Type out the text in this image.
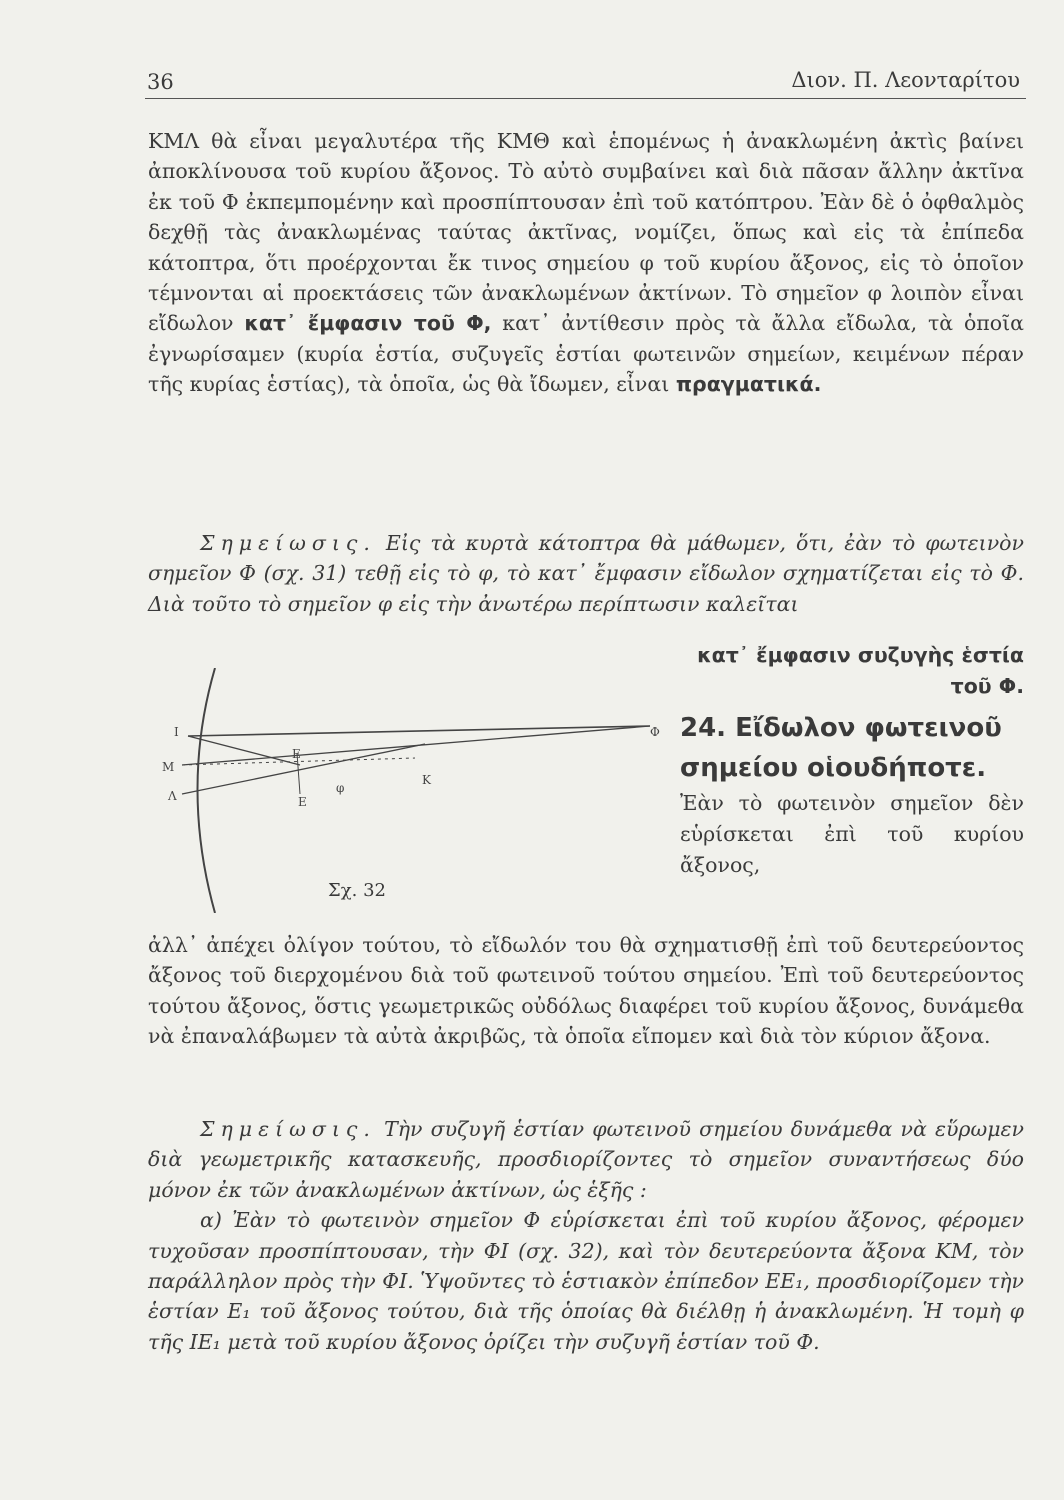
36	Διον. Π. Λεονταρίτου

ΚΜΛ θὰ εἶναι μεγαλυτέρα τῆς ΚΜΘ καὶ ἑπομένως ἡ ἀνακλωμένη ἀκτὶς βαίνει ἀποκλίνουσα τοῦ κυρίου ἄξονος. Τὸ αὐτὸ συμβαίνει καὶ διὰ πᾶσαν ἄλλην ἀκτῖνα ἐκ τοῦ Φ ἐκπεμπομένην καὶ προσπίπτουσαν ἐπὶ τοῦ κατόπτρου. Ἐὰν δὲ ὁ ὀφθαλμὸς δεχθῇ τὰς ἀνακλωμένας ταύτας ἀκτῖνας, νομίζει, ὅπως καὶ εἰς τὰ ἐπίπεδα κάτοπτρα, ὅτι προέρχονται ἔκ τινος σημείου φ τοῦ κυρίου ἄξονος, εἰς τὸ ὁποῖον τέμνονται αἱ προεκτάσεις τῶν ἀνακλωμένων ἀκτίνων. Τὸ σημεῖον φ λοιπὸν εἶναι εἴδωλον κατ᾽ ἔμφασιν τοῦ Φ, κατ᾽ ἀντίθεσιν πρὸς τὰ ἄλλα εἴδωλα, τὰ ὁποῖα ἐγνωρίσαμεν (κυρία ἑστία, συζυγεῖς ἑστίαι φωτεινῶν σημείων, κειμένων πέραν τῆς κυρίας ἑστίας), τὰ ὁποῖα, ὡς θὰ ἴδωμεν, εἶναι πραγματικά.

Σημείωσις. Εἰς τὰ κυρτὰ κάτοπτρα θὰ μάθωμεν, ὅτι, ἐὰν τὸ φωτεινὸν σημεῖον Φ (σχ. 31) τεθῇ εἰς τὸ φ, τὸ κατ᾽ ἔμφασιν εἴδωλον σχηματίζεται εἰς τὸ Φ. Διὰ τοῦτο τὸ σημεῖον φ εἰς τὴν ἀνωτέρω περίπτωσιν καλεῖται

κατ᾽ ἔμφασιν συζυγὴς ἑστία τοῦ Φ.

24. Εἴδωλον φωτεινοῦ σημείου οἱουδήποτε.

Ἐὰν τὸ φωτεινὸν σημεῖον δὲν εὑρίσκεται ἐπὶ τοῦ κυρίου ἄξονος,

Ι
Μ
Λ
Ε
Ε
φ
Κ
Φ
Σχ. 32

ἀλλ᾽ ἀπέχει ὀλίγον τούτου, τὸ εἴδωλόν του θὰ σχηματισθῇ ἐπὶ τοῦ δευτερεύοντος ἄξονος τοῦ διερχομένου διὰ τοῦ φωτεινοῦ τούτου σημείου. Ἐπὶ τοῦ δευτερεύοντος τούτου ἄξονος, ὅστις γεωμετρικῶς οὐδόλως διαφέρει τοῦ κυρίου ἄξονος, δυνάμεθα νὰ ἐπαναλάβωμεν τὰ αὐτὰ ἀκριβῶς, τὰ ὁποῖα εἴπομεν καὶ διὰ τὸν κύριον ἄξονα.

Σημείωσις. Τὴν συζυγῆ ἑστίαν φωτεινοῦ σημείου δυνάμεθα νὰ εὕρωμεν διὰ γεωμετρικῆς κατασκευῆς, προσδιορίζοντες τὸ σημεῖον συναντήσεως δύο μόνον ἐκ τῶν ἀνακλωμένων ἀκτίνων, ὡς ἑξῆς :

α) Ἐὰν τὸ φωτεινὸν σημεῖον Φ εὑρίσκεται ἐπὶ τοῦ κυρίου ἄξονος, φέρομεν τυχοῦσαν προσπίπτουσαν, τὴν ΦΙ (σχ. 32), καὶ τὸν δευτερεύοντα ἄξονα ΚΜ, τὸν παράλληλον πρὸς τὴν ΦΙ. Ὑψοῦντες τὸ ἑστιακὸν ἐπίπεδον ΕΕ₁, προσδιορίζομεν τὴν ἑστίαν Ε₁ τοῦ ἄξονος τούτου, διὰ τῆς ὁποίας θὰ διέλθῃ ἡ ἀνακλωμένη. Ἡ τομὴ φ τῆς ΙΕ₁ μετὰ τοῦ κυρίου ἄξονος ὁρίζει τὴν συζυγῆ ἑστίαν τοῦ Φ.
